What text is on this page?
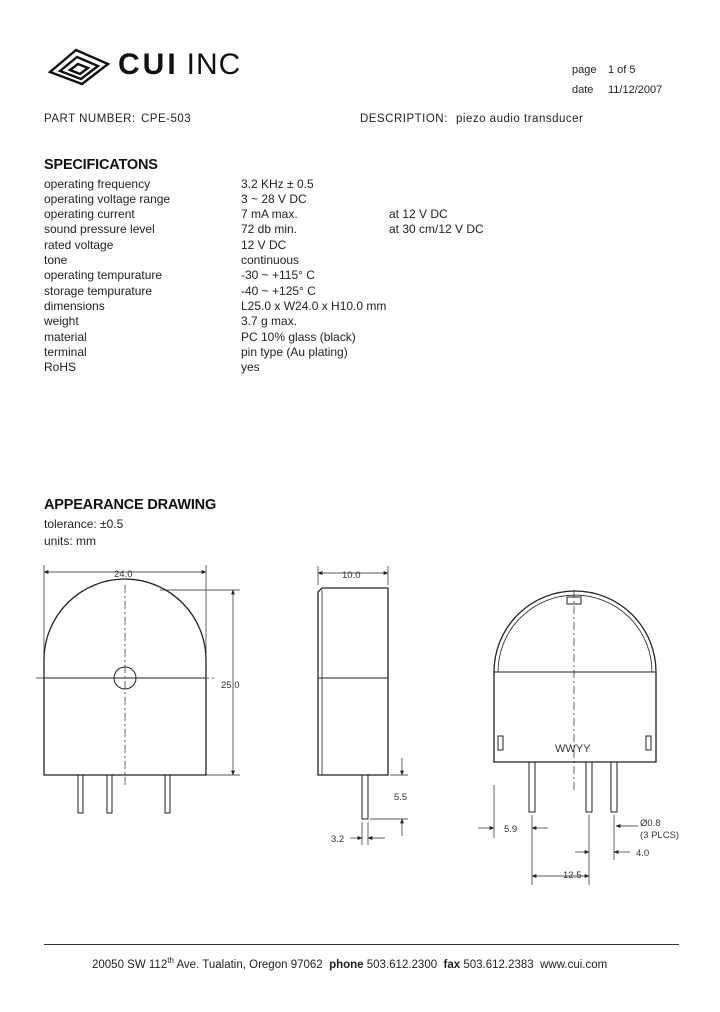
CUI INC	page 1 of 5
date 11/12/2007
PART NUMBER: CPE-503	DESCRIPTION: piezo audio transducer
SPECIFICATONS
operating frequency	3.2 KHz ± 0.5
operating voltage range	3 ~ 28 V DC
operating current	7 mA max.	at 12 V DC
sound pressure level	72 db min.	at 30 cm/12 V DC
rated voltage	12 V DC
tone	continuous
operating tempurature	-30 ~ +115° C
storage tempurature	-40 ~ +125° C
dimensions	L25.0 x W24.0 x H10.0 mm
weight	3.7 g max.
material	PC 10% glass (black)
terminal	pin type (Au plating)
RoHS	yes
APPEARANCE DRAWING
tolerance: ±0.5
units: mm
24.0
25.0
10.0
5.5
3.2
WWYY
5.9
12.5
4.0
Ø0.8
(3 PLCS)
20050 SW 112th Ave. Tualatin, Oregon 97062 phone 503.612.2300 fax 503.612.2383 www.cui.com
